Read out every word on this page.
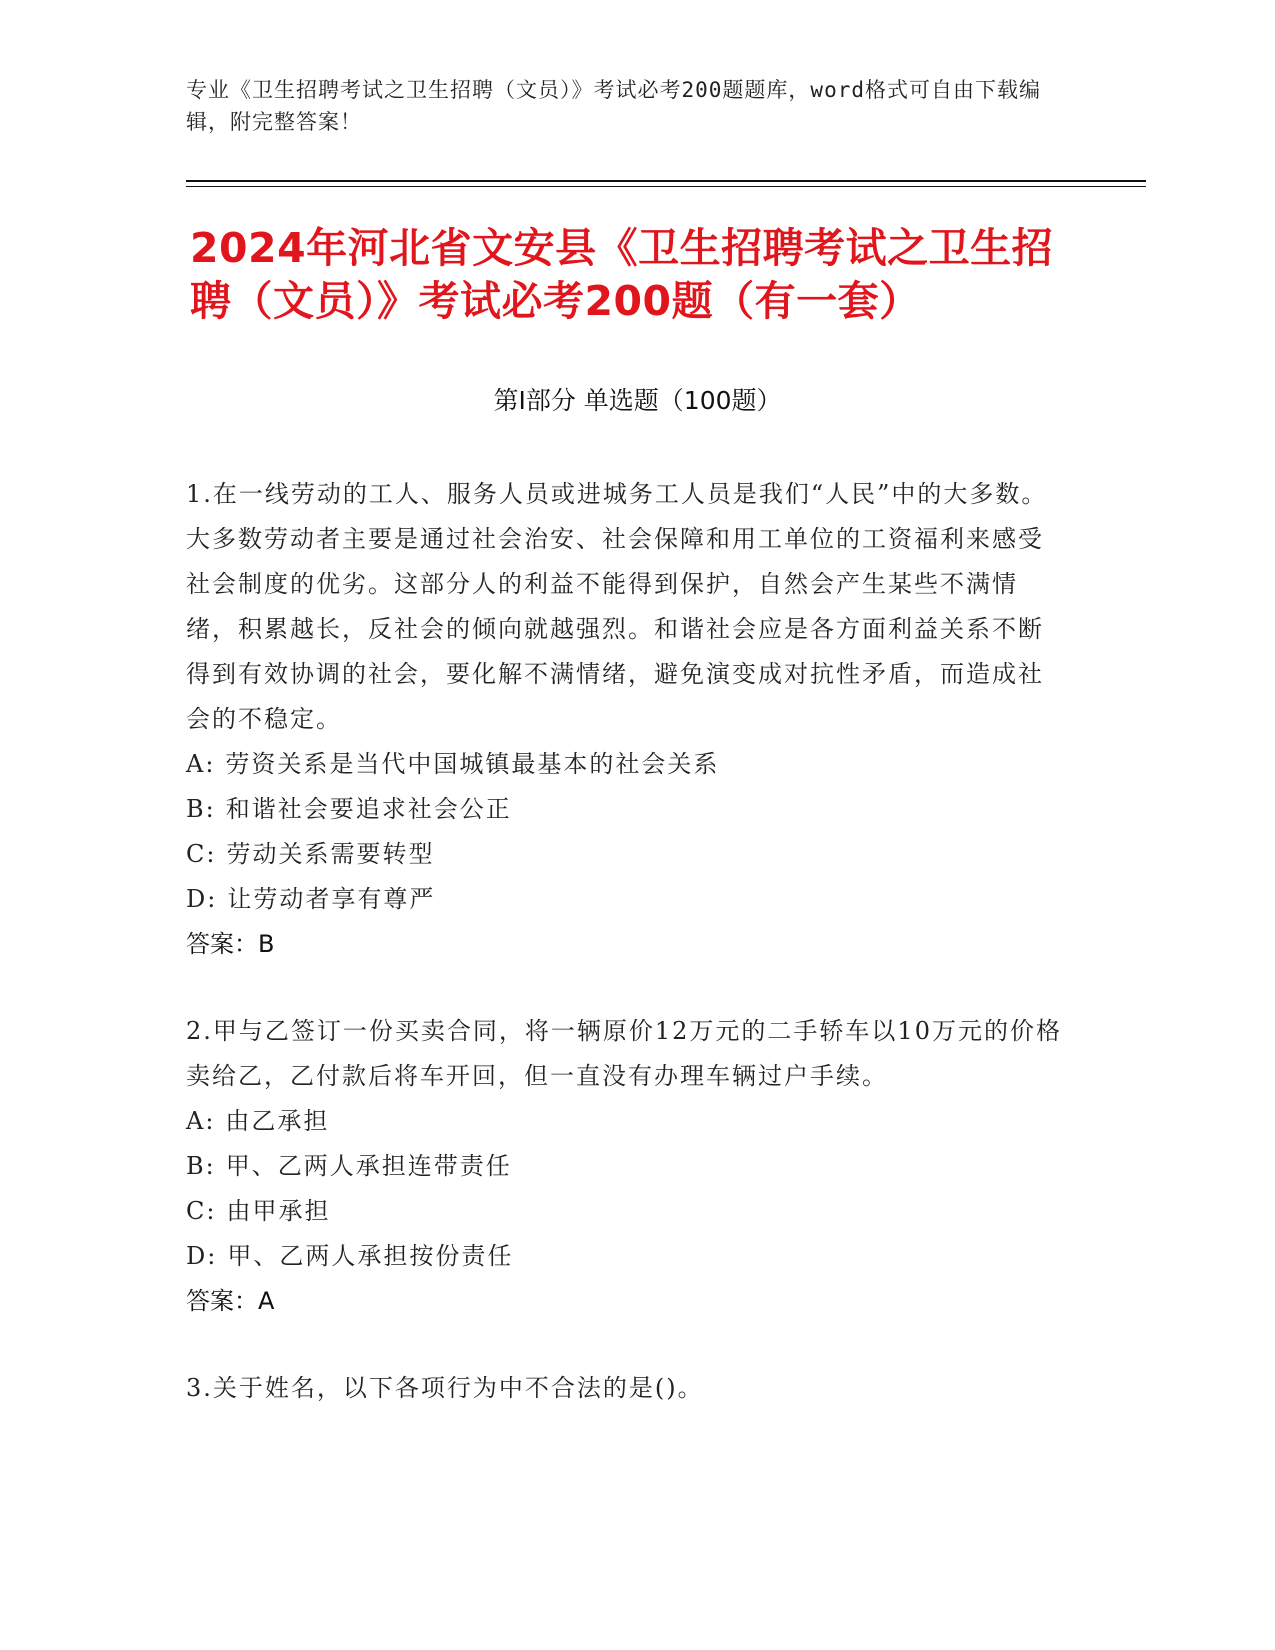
专业《卫生招聘考试之卫生招聘（文员）》考试必考200题题库，word格式可自由下载编辑，附完整答案！
2024年河北省文安县《卫生招聘考试之卫生招聘（文员）》考试必考200题（有一套）
第Ⅰ部分 单选题（100题）

1.在一线劳动的工人、服务人员或进城务工人员是我们“人民”中的大多数。大多数劳动者主要是通过社会治安、社会保障和用工单位的工资福利来感受社会制度的优劣。这部分人的利益不能得到保护，自然会产生某些不满情绪，积累越长，反社会的倾向就越强烈。和谐社会应是各方面利益关系不断得到有效协调的社会，要化解不满情绪，避免演变成对抗性矛盾，而造成社会的不稳定。

A: 劳资关系是当代中国城镇最基本的社会关系

B: 和谐社会要追求社会公正

C: 劳动关系需要转型

D: 让劳动者享有尊严

答案：B

2.甲与乙签订一份买卖合同，将一辆原价12万元的二手轿车以10万元的价格卖给乙，乙付款后将车开回，但一直没有办理车辆过户手续。

A: 由乙承担

B: 甲、乙两人承担连带责任

C: 由甲承担

D: 甲、乙两人承担按份责任

答案：A

3.关于姓名，以下各项行为中不合法的是()。
